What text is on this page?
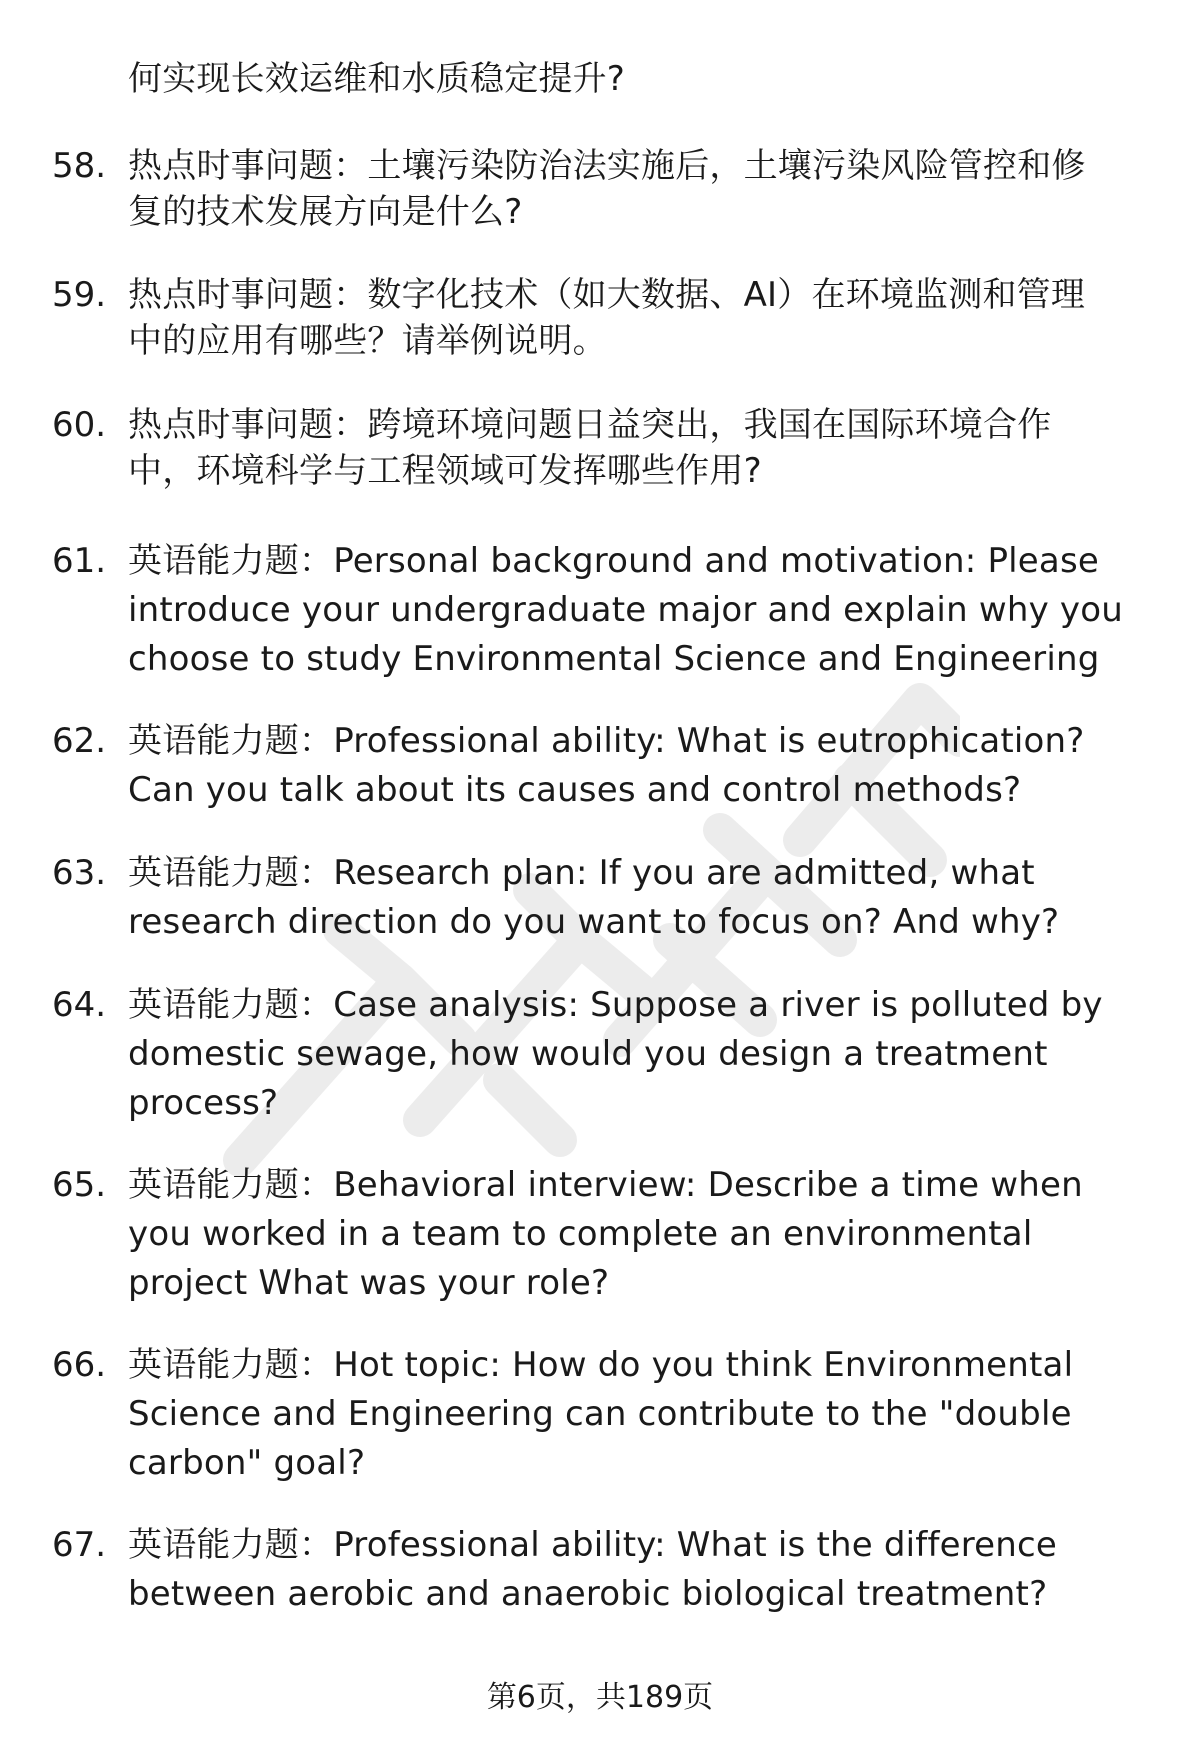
何实现长效运维和水质稳定提升?
58. 热点时事问题：土壤污染防治法实施后，土壤污染风险管控和修
复的技术发展方向是什么?
59. 热点时事问题：数字化技术（如大数据、AI）在环境监测和管理
中的应用有哪些？请举例说明。
60. 热点时事问题：跨境环境问题日益突出，我国在国际环境合作
中，环境科学与工程领域可发挥哪些作用?
61. 英语能力题：Personal background and motivation: Please
introduce your undergraduate major and explain why you
choose to study Environmental Science and Engineering
62. 英语能力题：Professional ability: What is eutrophication?
Can you talk about its causes and control methods?
63. 英语能力题：Research plan: If you are admitted, what
research direction do you want to focus on? And why?
64. 英语能力题：Case analysis: Suppose a river is polluted by
domestic sewage, how would you design a treatment
process?
65. 英语能力题：Behavioral interview: Describe a time when
you worked in a team to complete an environmental
project What was your role?
66. 英语能力题：Hot topic: How do you think Environmental
Science and Engineering can contribute to the "double
carbon" goal?
67. 英语能力题：Professional ability: What is the difference
between aerobic and anaerobic biological treatment?
第6页，共189页
